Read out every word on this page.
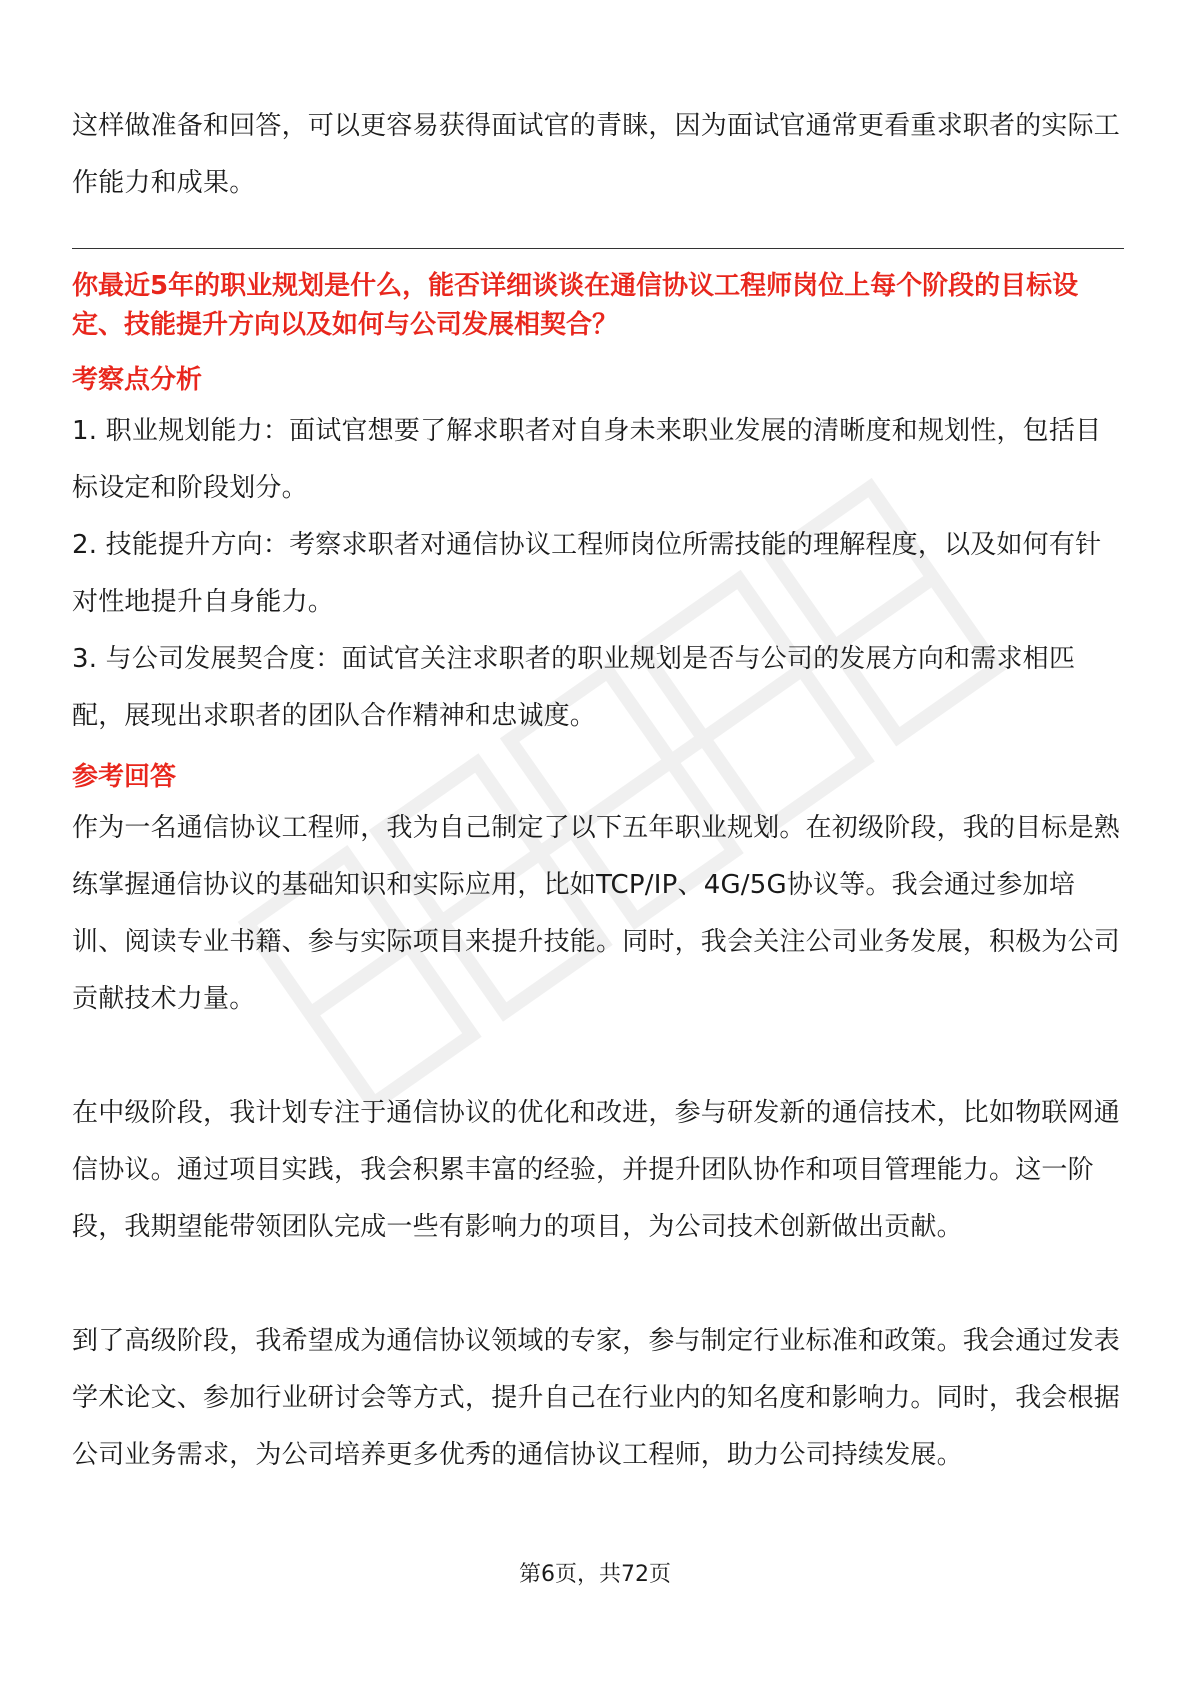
这样做准备和回答，可以更容易获得面试官的青睐，因为面试官通常更看重求职者的实际工作能力和成果。

你最近5年的职业规划是什么，能否详细谈谈在通信协议工程师岗位上每个阶段的目标设定、技能提升方向以及如何与公司发展相契合？
考察点分析

1. 职业规划能力：面试官想要了解求职者对自身未来职业发展的清晰度和规划性，包括目标设定和阶段划分。

2. 技能提升方向：考察求职者对通信协议工程师岗位所需技能的理解程度，以及如何有针对性地提升自身能力。

3. 与公司发展契合度：面试官关注求职者的职业规划是否与公司的发展方向和需求相匹配，展现出求职者的团队合作精神和忠诚度。

参考回答

作为一名通信协议工程师，我为自己制定了以下五年职业规划。在初级阶段，我的目标是熟练掌握通信协议的基础知识和实际应用，比如TCP/IP、4G/5G协议等。我会通过参加培训、阅读专业书籍、参与实际项目来提升技能。同时，我会关注公司业务发展，积极为公司贡献技术力量。

在中级阶段，我计划专注于通信协议的优化和改进，参与研发新的通信技术，比如物联网通信协议。通过项目实践，我会积累丰富的经验，并提升团队协作和项目管理能力。这一阶段，我期望能带领团队完成一些有影响力的项目，为公司技术创新做出贡献。

到了高级阶段，我希望成为通信协议领域的专家，参与制定行业标准和政策。我会通过发表学术论文、参加行业研讨会等方式，提升自己在行业内的知名度和影响力。同时，我会根据公司业务需求，为公司培养更多优秀的通信协议工程师，助力公司持续发展。

第6页，共72页
